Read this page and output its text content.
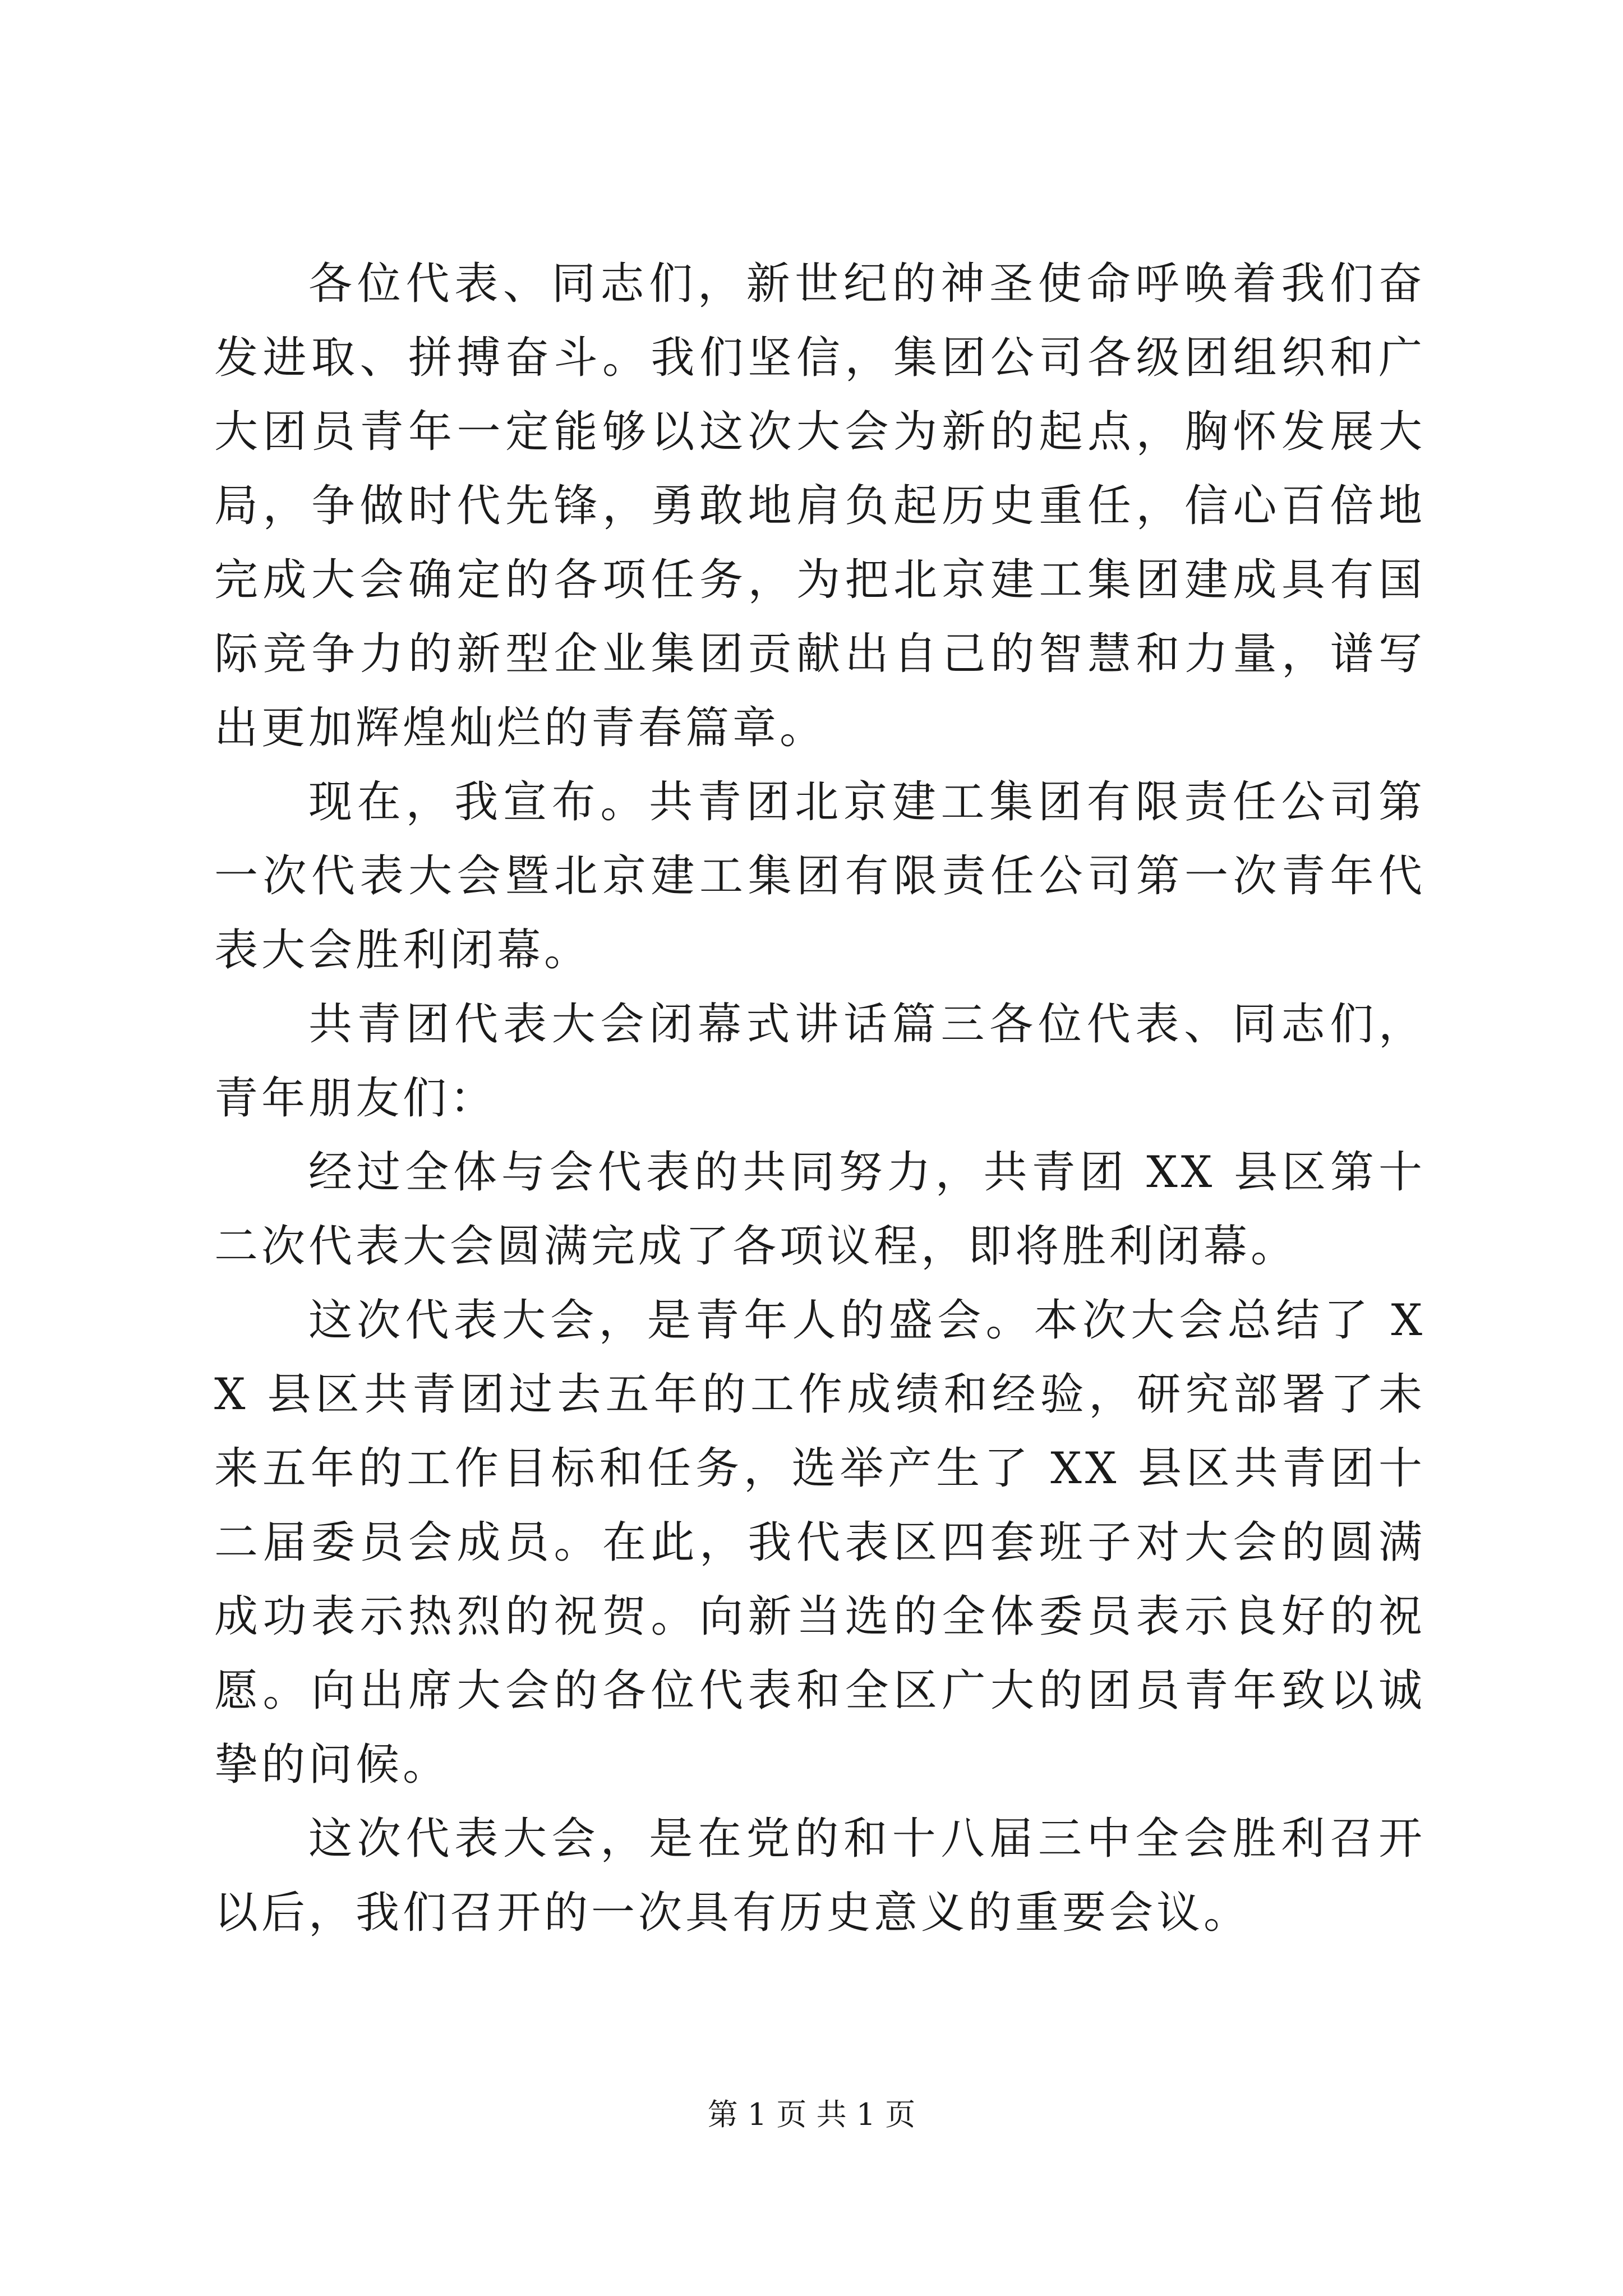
各位代表、同志们，新世纪的神圣使命呼唤着我们奋发进取、拼搏奋斗。我们坚信，集团公司各级团组织和广大团员青年一定能够以这次大会为新的起点，胸怀发展大局，争做时代先锋，勇敢地肩负起历史重任，信心百倍地完成大会确定的各项任务，为把北京建工集团建成具有国际竞争力的新型企业集团贡献出自己的智慧和力量，谱写出更加辉煌灿烂的青春篇章。

现在，我宣布。共青团北京建工集团有限责任公司第一次代表大会暨北京建工集团有限责任公司第一次青年代表大会胜利闭幕。

共青团代表大会闭幕式讲话篇三各位代表、同志们，青年朋友们：

经过全体与会代表的共同努力，共青团 XX 县区第十二次代表大会圆满完成了各项议程，即将胜利闭幕。

这次代表大会，是青年人的盛会。本次大会总结了 XX 县区共青团过去五年的工作成绩和经验，研究部署了未来五年的工作目标和任务，选举产生了 XX 县区共青团十二届委员会成员。在此，我代表区四套班子对大会的圆满成功表示热烈的祝贺。向新当选的全体委员表示良好的祝愿。向出席大会的各位代表和全区广大的团员青年致以诚挚的问候。

这次代表大会，是在党的和十八届三中全会胜利召开以后，我们召开的一次具有历史意义的重要会议。

第 1 页 共 1 页
